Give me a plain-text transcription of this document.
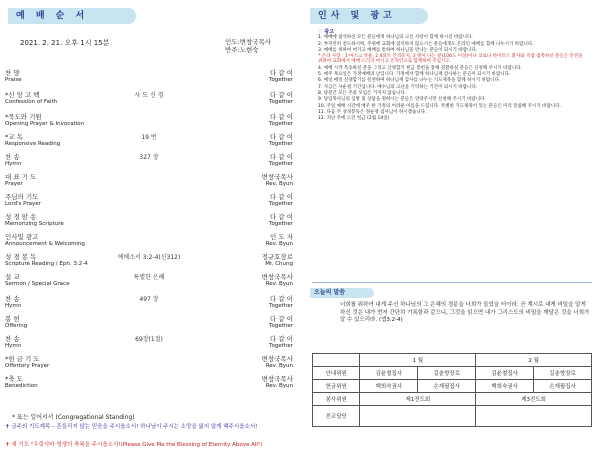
예 배 순 서
2021. 2. 21. 오후 1시 15분	인도:변창국목사
반주:노현숙
찬 양	다 같 이
Praise	Together
*신 앙 고 백	사 도 신 경	다 같 이
Confession of Faith	Together
*묵도와 기원	다 같 이
Opening Prayer & Invocation	Together
*교 독	19 번	다 같 이
Responsive Reading	Together
찬 송	327 장	다 같 이
Hymn	Together
대 표 기 도	변창국목사
Prayer	Rev. Byun
주님의 기도	다 같 이
Lord's Prayer	Together
성 경 암 송	다 같 이
Memorizing Scripture	Together
인사및 광고	인 도 자
Announcement & Welcoming	Rev. Byun
성 경 봉 독	에베소서 3:2-4(신312)	정규호장로
Scripture Reading / Eph. 3:2-4	Mr. Chung
설 교	특별한 은혜	변창국목사
Sermon / Special Grace	Rev. Byun
찬 송	497 장	다 같 이
Hymn	Together
봉 헌	다 같 이
Offering	Together
찬 송	69장(1절)	다 같 이
Hymn	Together
*헌 금 기 도	변창국목사
Offertory Prayer	Rev. Byun
*축 도	변창국목사
Benediction	Rev. Byun
* 표는 일어서서 (Congregational Standing)
✝ 금주의 기도제목 – 흔들리지 않는 믿음을 주시옵소서! 하나님이 주시는 소망을 잃지 않게 해주시옵소서!
✝ 새 기도 "우릿샤마 영생의 축복을 주시옵소서!(Please Give Me the Blessing of Eternity Above All!)
인사 및 광고

♡ 광고

1. 예배에 참석하신 모든 분들에게 하나님의 크신 사랑이 함께 하시길 바랍니다.

2. 부지런히 전도하시며, 주위에 교회에 참석하지 않으시는 분들에게도 온라인 예배를 함께 나누시기 바랍니다.

3. 예배를 위하여 여기고 예배를 통하여 하나님을 만나는 분들이 되시기 바랍니다.

* 온라 사랑 : 1 마스크 착용, 2 4피트 간격유지, 3 열이 나는 분(100도 이상)이나 코로나 바이러스 환자와 직접 접촉하신 분들은 안전을 위하여 교회에서 예배 드리지 마시고 온라인으로 함께하여 주십시오.

4. 예배 시작 특송하실 분을 그리고 산양합기 헌금 봉헌을 통해 전환하실 분들은 신청해 주시기 바랍니다.

5. 매주 목요일은 가정예배의 날입니다. 가정에서 함께 하나님께 감사하는 분들이 되시기 바랍니다.

6. 매일 매일 신양합기를 실천하며 하나님께 감사를 나누는 기도제목을 함께 하시기 바랍니다.

7. 자금은 사순절 기간입니다. 예수님의 고난을 기억하는 기간이 되시기 바랍니다.

8. 당분간 모든 주중 모임은 가지지 않습니다.

9. 당임목사님의 심방 및 상담을 원하시는 분들은 연락주시면 신청해 주시기 바랍니다.

10. 주일 예배 시간에 매주 한 가정의 어려운 이름을 드립니다. 특별한 기도제목이 있는 분들은 미리 말씀해 주시기 바랍니다.

11. 다음 주 성경봉독은 정순영 집사님이 하시겠습니다.

12. 지난 주에 드린 헌금 (2월 14일)

오늘의 말씀
너희를 위하여 내게 주신 하나님의 그 은혜의 경륜을 너희가 들었을 터이라. 곧 계시로 내게 비밀을 알게 하신 것은 내가 먼저 간단히 기록함과 같으니, 그것을 읽으면 내가 그리스도의 비밀을 깨달은 것을 너희가 알 수 있으리라. (엡3:2-4)
	1 월		2 월	
안내위원	김윤철집사	길춘향장로	김윤철집사	길춘향장로
헌금위원	백희숙권사	손재필집사	백희숙권사	손재필집사
봉사위원	제1전도회		제3전도회	
친교담당				
